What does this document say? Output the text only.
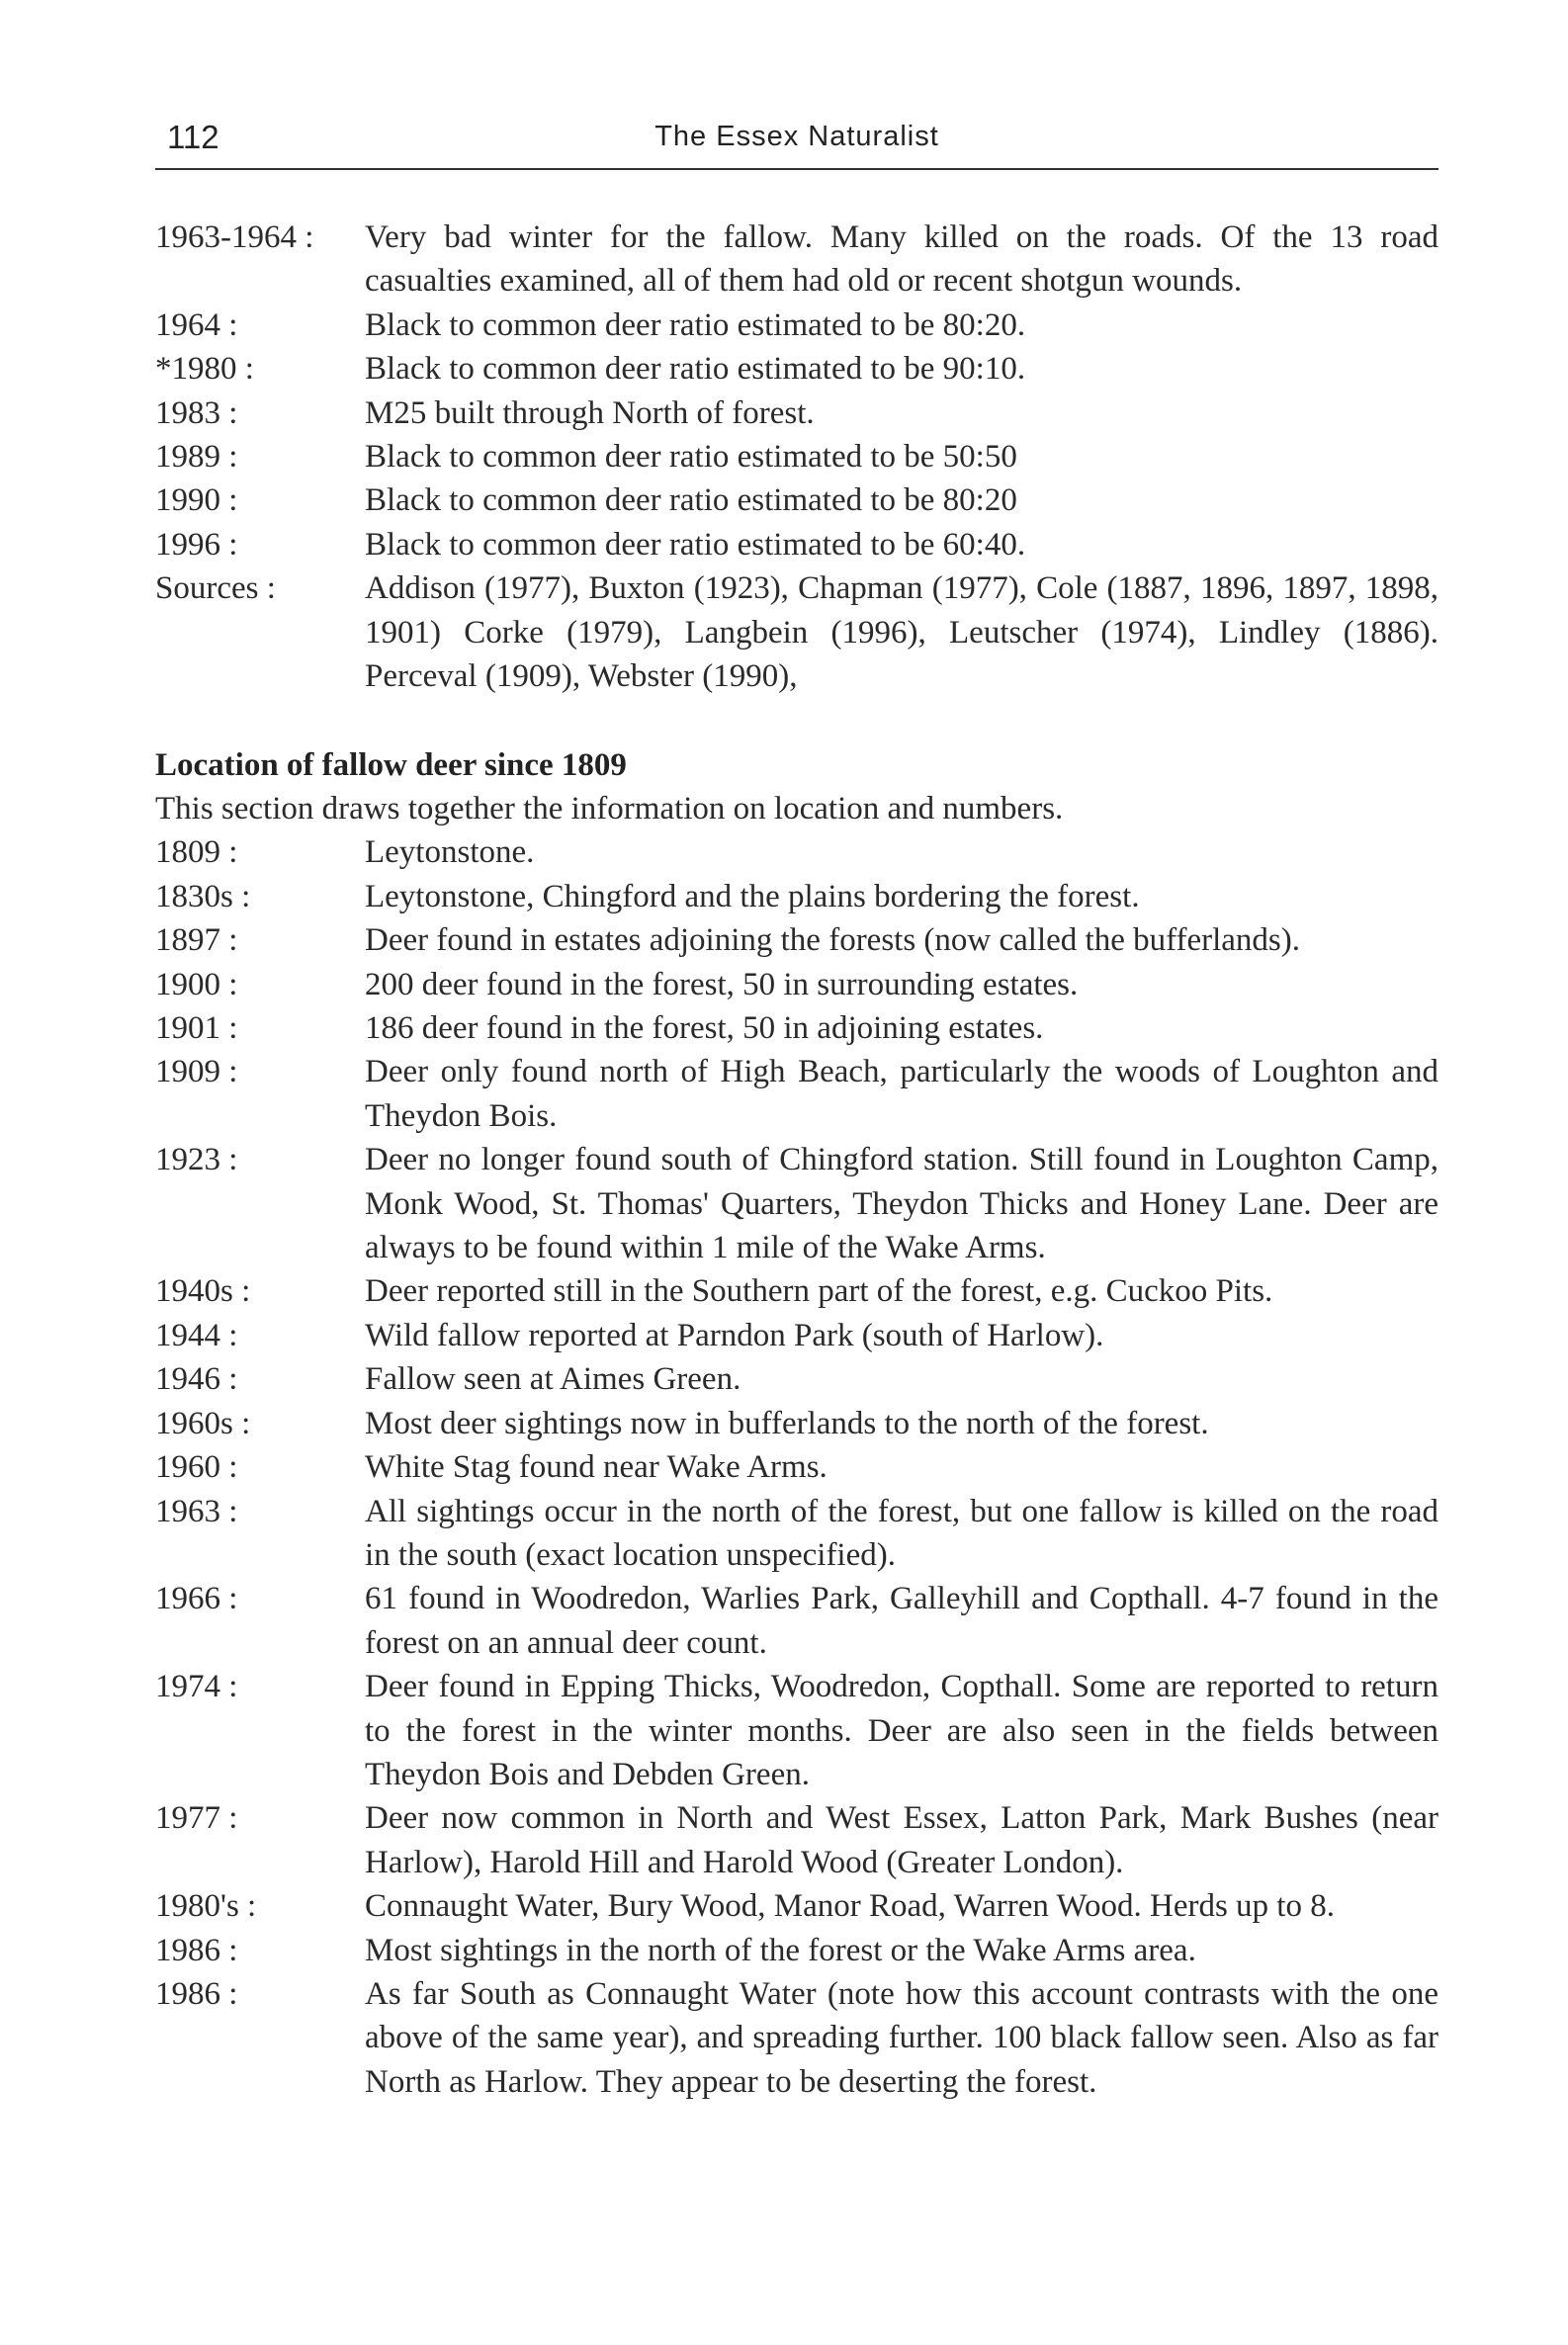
112	The Essex Naturalist
1963-1964 :	Very bad winter for the fallow. Many killed on the roads. Of the 13 road casualties examined, all of them had old or recent shotgun wounds.
1964 :	Black to common deer ratio estimated to be 80:20.
*1980 :	Black to common deer ratio estimated to be 90:10.
1983 :	M25 built through North of forest.
1989 :	Black to common deer ratio estimated to be 50:50
1990 :	Black to common deer ratio estimated to be 80:20
1996 :	Black to common deer ratio estimated to be 60:40.
Sources :	Addison (1977), Buxton (1923), Chapman (1977), Cole (1887, 1896, 1897, 1898, 1901) Corke (1979), Langbein (1996), Leutscher (1974), Lindley (1886). Perceval (1909), Webster (1990),
Location of fallow deer since 1809
This section draws together the information on location and numbers.
1809 :	Leytonstone.
1830s :	Leytonstone, Chingford and the plains bordering the forest.
1897 :	Deer found in estates adjoining the forests (now called the bufferlands).
1900 :	200 deer found in the forest, 50 in surrounding estates.
1901 :	186 deer found in the forest, 50 in adjoining estates.
1909 :	Deer only found north of High Beach, particularly the woods of Loughton and Theydon Bois.
1923 :	Deer no longer found south of Chingford station. Still found in Loughton Camp, Monk Wood, St. Thomas' Quarters, Theydon Thicks and Honey Lane. Deer are always to be found within 1 mile of the Wake Arms.
1940s :	Deer reported still in the Southern part of the forest, e.g. Cuckoo Pits.
1944 :	Wild fallow reported at Parndon Park (south of Harlow).
1946 :	Fallow seen at Aimes Green.
1960s :	Most deer sightings now in bufferlands to the north of the forest.
1960 :	White Stag found near Wake Arms.
1963 :	All sightings occur in the north of the forest, but one fallow is killed on the road in the south (exact location unspecified).
1966 :	61 found in Woodredon, Warlies Park, Galleyhill and Copthall. 4-7 found in the forest on an annual deer count.
1974 :	Deer found in Epping Thicks, Woodredon, Copthall. Some are reported to return to the forest in the winter months. Deer are also seen in the fields between Theydon Bois and Debden Green.
1977 :	Deer now common in North and West Essex, Latton Park, Mark Bushes (near Harlow), Harold Hill and Harold Wood (Greater London).
1980's :	Connaught Water, Bury Wood, Manor Road, Warren Wood. Herds up to 8.
1986 :	Most sightings in the north of the forest or the Wake Arms area.
1986 :	As far South as Connaught Water (note how this account contrasts with the one above of the same year), and spreading further. 100 black fallow seen. Also as far North as Harlow. They appear to be deserting the forest.
